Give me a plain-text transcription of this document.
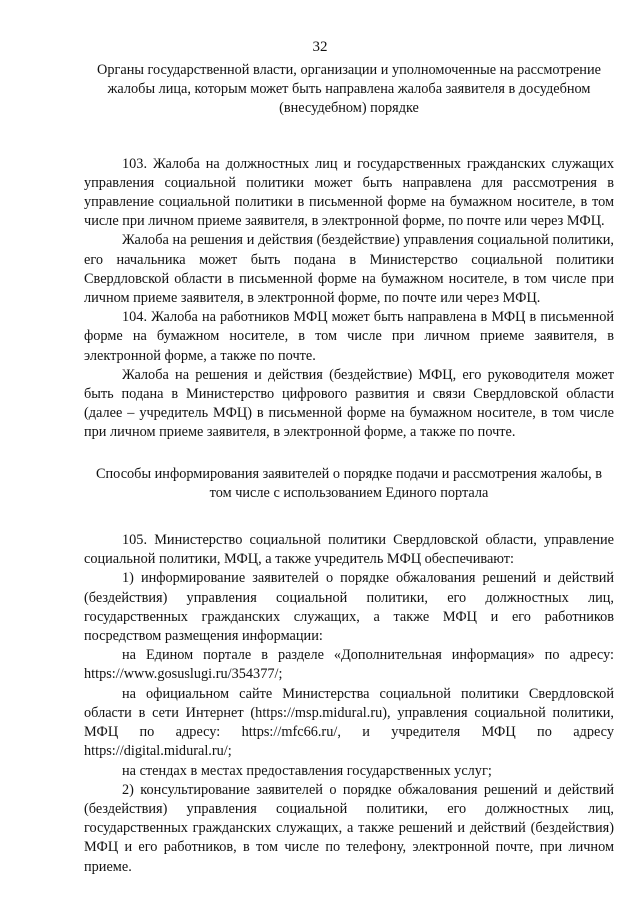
32

Органы государственной власти, организации и уполномоченные на рассмотрение жалобы лица, которым может быть направлена жалоба заявителя в досудебном (внесудебном) порядке

103. Жалоба на должностных лиц и государственных гражданских служащих управления социальной политики может быть направлена для рассмотрения в управление социальной политики в письменной форме на бумажном носителе, в том числе при личном приеме заявителя, в электронной форме, по почте или через МФЦ.

Жалоба на решения и действия (бездействие) управления социальной политики, его начальника может быть подана в Министерство социальной политики Свердловской области в письменной форме на бумажном носителе, в том числе при личном приеме заявителя, в электронной форме, по почте или через МФЦ.

104. Жалоба на работников МФЦ может быть направлена в МФЦ в письменной форме на бумажном носителе, в том числе при личном приеме заявителя, в электронной форме, а также по почте.

Жалоба на решения и действия (бездействие) МФЦ, его руководителя может быть подана в Министерство цифрового развития и связи Свердловской области (далее – учредитель МФЦ) в письменной форме на бумажном носителе, в том числе при личном приеме заявителя, в электронной форме, а также по почте.

Способы информирования заявителей о порядке подачи и рассмотрения жалобы, в том числе с использованием Единого портала

105. Министерство социальной политики Свердловской области, управление социальной политики, МФЦ, а также учредитель МФЦ обеспечивают:

1) информирование заявителей о порядке обжалования решений и действий (бездействия) управления социальной политики, его должностных лиц, государственных гражданских служащих, а также МФЦ и его работников посредством размещения информации:

на Едином портале в разделе «Дополнительная информация» по адресу: https://www.gosuslugi.ru/354377/;

на официальном сайте Министерства социальной политики Свердловской области в сети Интернет (https://msp.midural.ru), управления социальной политики, МФЦ по адресу: https://mfc66.ru/, и учредителя МФЦ по адресу https://digital.midural.ru/;

на стендах в местах предоставления государственных услуг;

2) консультирование заявителей о порядке обжалования решений и действий (бездействия) управления социальной политики, его должностных лиц, государственных гражданских служащих, а также решений и действий (бездействия) МФЦ и его работников, в том числе по телефону, электронной почте, при личном приеме.
